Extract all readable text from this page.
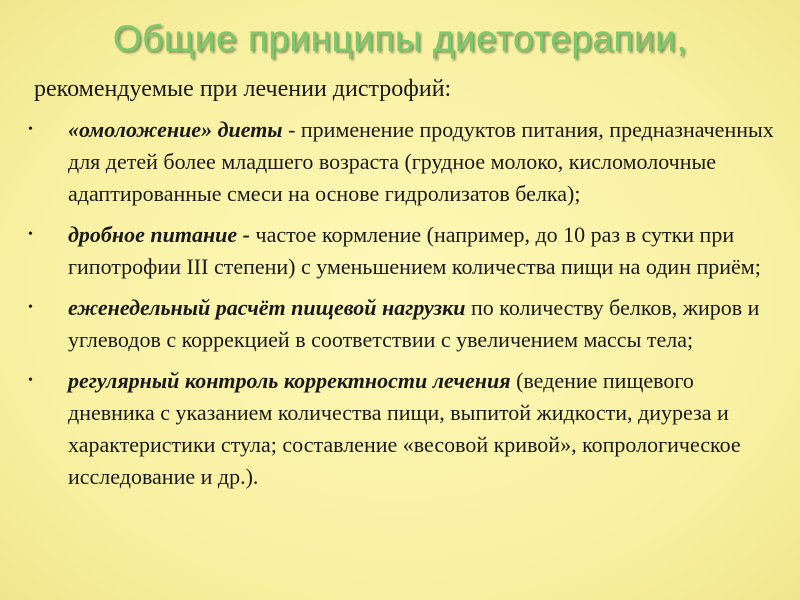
Общие принципы диетотерапии,
рекомендуемые при лечении дистрофий:
• «омоложение» диеты - применение продуктов питания, предназначенных для детей более младшего возраста (грудное молоко, кисломолочные адаптированные смеси на основе гидролизатов белка);
• дробное питание - частое кормление (например, до 10 раз в сутки при гипотрофии III степени) с уменьшением количества пищи на один приём;
• еженедельный расчёт пищевой нагрузки по количеству белков, жиров и углеводов с коррекцией в соответствии с увеличением массы тела;
• регулярный контроль корректности лечения (ведение пищевого дневника с указанием количества пищи, выпитой жидкости, диуреза и характеристики стула; составление «весовой кривой», копрологическое исследование и др.).
